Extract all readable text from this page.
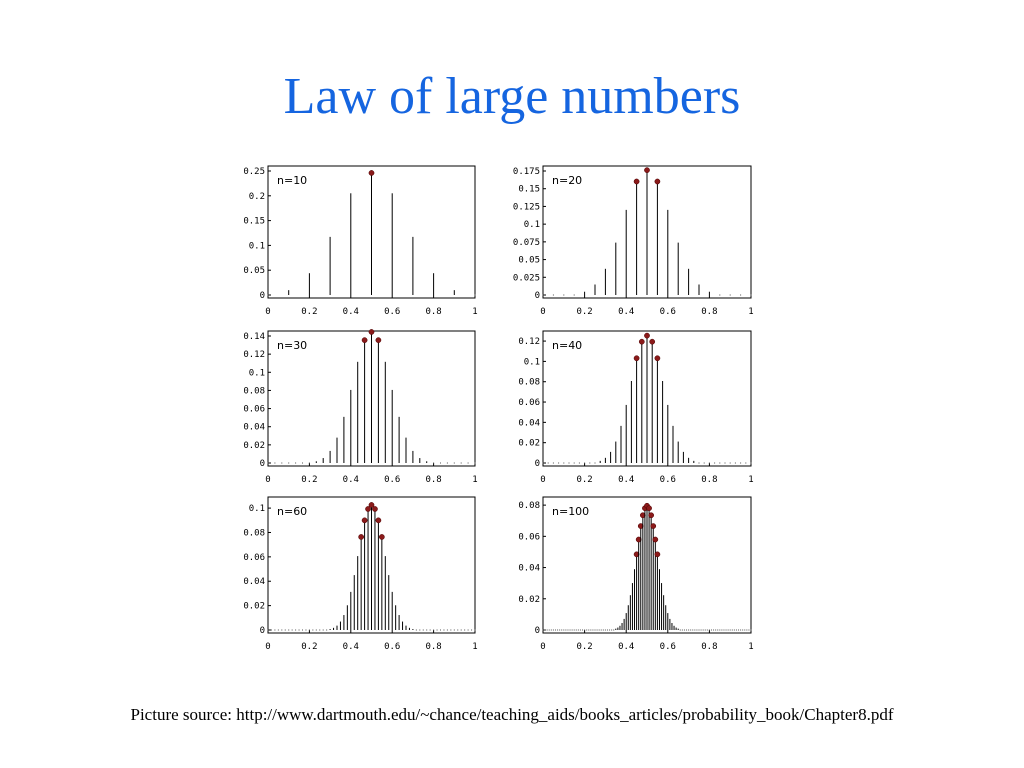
Law of large numbers
0
0.05
0.1
0.15
0.2
0.25
0	0.2	0.4	0.6	0.8	1
n=10
0
0.025
0.05
0.075
0.1
0.125
0.15
0.175
0	0.2	0.4	0.6	0.8	1
n=20
0
0.02
0.04
0.06
0.08
0.1
0.12
0.14
0	0.2	0.4	0.6	0.8	1
n=30
0
0.02
0.04
0.06
0.08
0.1
0.12
0	0.2	0.4	0.6	0.8	1
n=40
0
0.02
0.04
0.06
0.08
0.1
0	0.2	0.4	0.6	0.8	1
n=60
0
0.02
0.04
0.06
0.08
0	0.2	0.4	0.6	0.8	1
n=100
Picture source: http://www.dartmouth.edu/~chance/teaching_aids/books_articles/probability_book/Chapter8.pdf
